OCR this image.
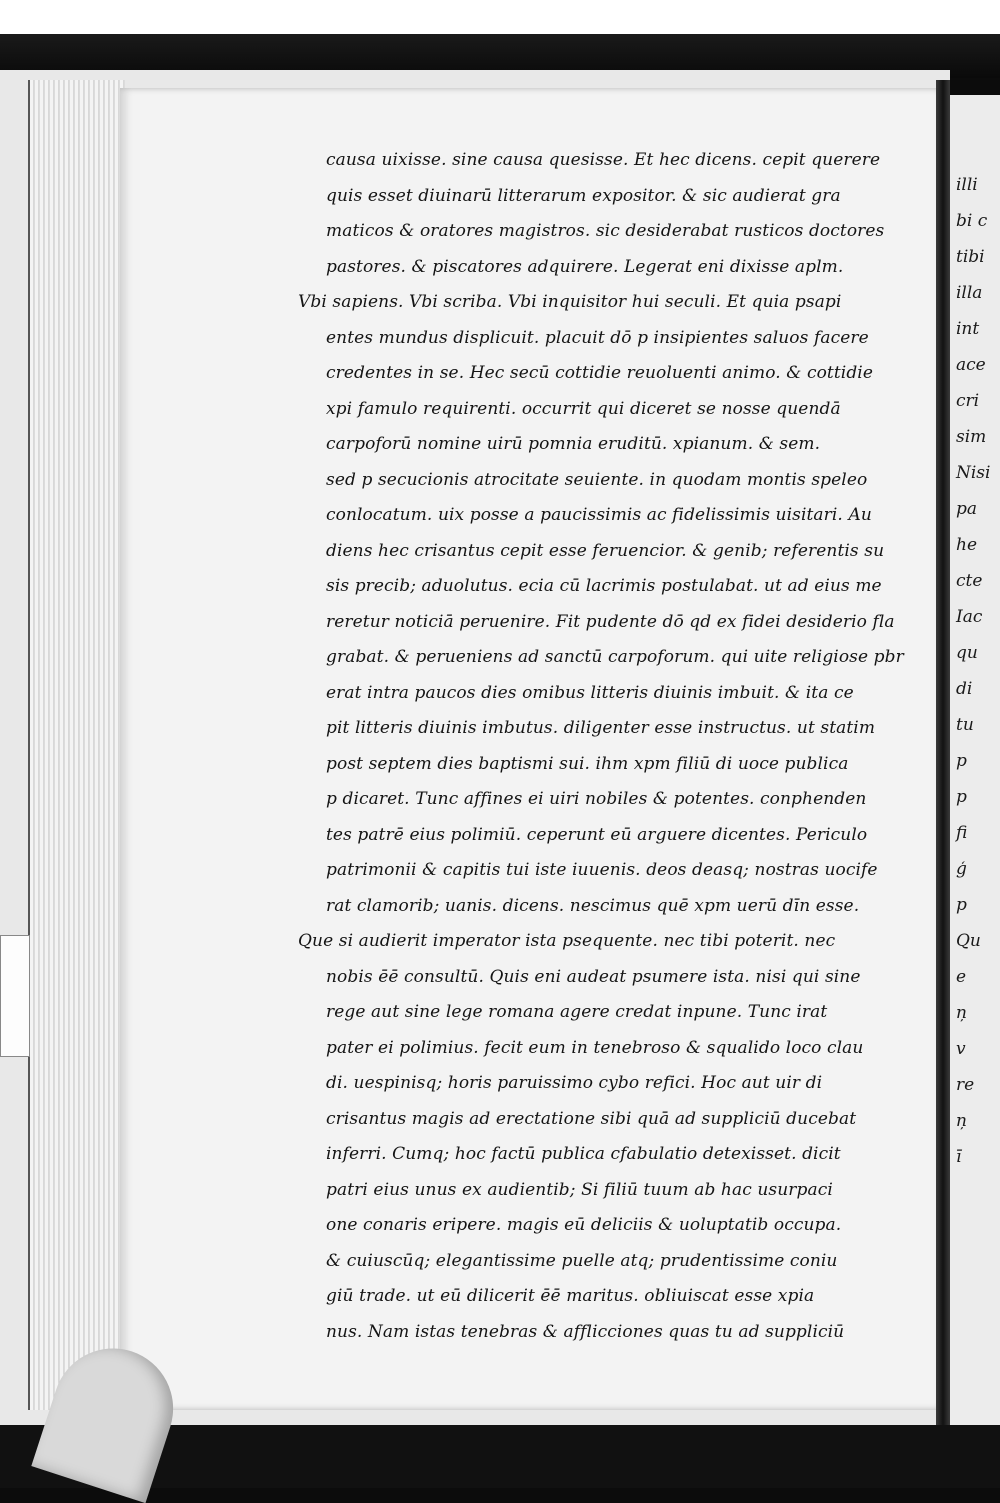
causa uixisse. sine causa quesisse. Et hec dicens. cepit querere
quis esset diuinarū litterarum expositor. & sic audierat gra
maticos & oratores magistros. sic desiderabat rusticos doctores
pastores. & piscatores adquirere. Legerat eni dixisse aplm.
Vbi sapiens. Vbi scriba. Vbi inquisitor hui seculi. Et quia psapi
entes mundus displicuit. placuit dō p insipientes saluos facere
credentes in se. Hec secū cottidie reuoluenti animo. & cottidie
xpi famulo requirenti. occurrit qui diceret se nosse quendā
carpoforū nomine uirū pomnia eruditū. xpianum. & sem.
sed p secucionis atrocitate seuiente. in quodam montis speleo
conlocatum. uix posse a paucissimis ac fidelissimis uisitari. Au
diens hec crisantus cepit esse feruencior. & genib; referentis su
sis precib; aduolutus. ecia cū lacrimis postulabat. ut ad eius me
reretur noticiā peruenire. Fit pudente dō qd ex fidei desiderio fla
grabat. & perueniens ad sanctū carpoforum. qui uite religiose pbr
erat intra paucos dies omibus litteris diuinis imbuit. & ita ce
pit litteris diuinis imbutus. diligenter esse instructus. ut statim
post septem dies baptismi sui. ihm xpm filiū di uoce publica
p dicaret. Tunc affines ei uiri nobiles & potentes. conphenden
tes patrē eius polimiū. ceperunt eū arguere dicentes. Periculo
patrimonii & capitis tui iste iuuenis. deos deasq; nostras uocife
rat clamorib; uanis. dicens. nescimus quē xpm uerū dīn esse.
Que si audierit imperator ista psequente. nec tibi poterit. nec
nobis ēē consultū. Quis eni audeat psumere ista. nisi qui sine
rege aut sine lege romana agere credat inpune. Tunc irat
pater ei polimius. fecit eum in tenebroso & squalido loco clau
di. uespinisq; horis paruissimo cybo refici. Hoc aut uir di
crisantus magis ad erectatione sibi quā ad suppliciū ducebat
inferri. Cumq; hoc factū publica cfabulatio detexisset. dicit
patri eius unus ex audientib; Si filiū tuum ab hac usurpaci
one conaris eripere. magis eū deliciis & uoluptatib occupa.
& cuiuscūq; elegantissime puelle atq; prudentissime coniu
giū trade. ut eū dilicerit ēē maritus. obliuiscat esse xpia
nus. Nam istas tenebras & afflicciones quas tu ad suppliciū
illi
bi c
tibi
illa
int
ace
cri
sim
Nisi
pa
he
cte
Iac
qu
di
tu
p
p
fi
ģ
p
Qu
e
ņ
v
re
ņ
ī
